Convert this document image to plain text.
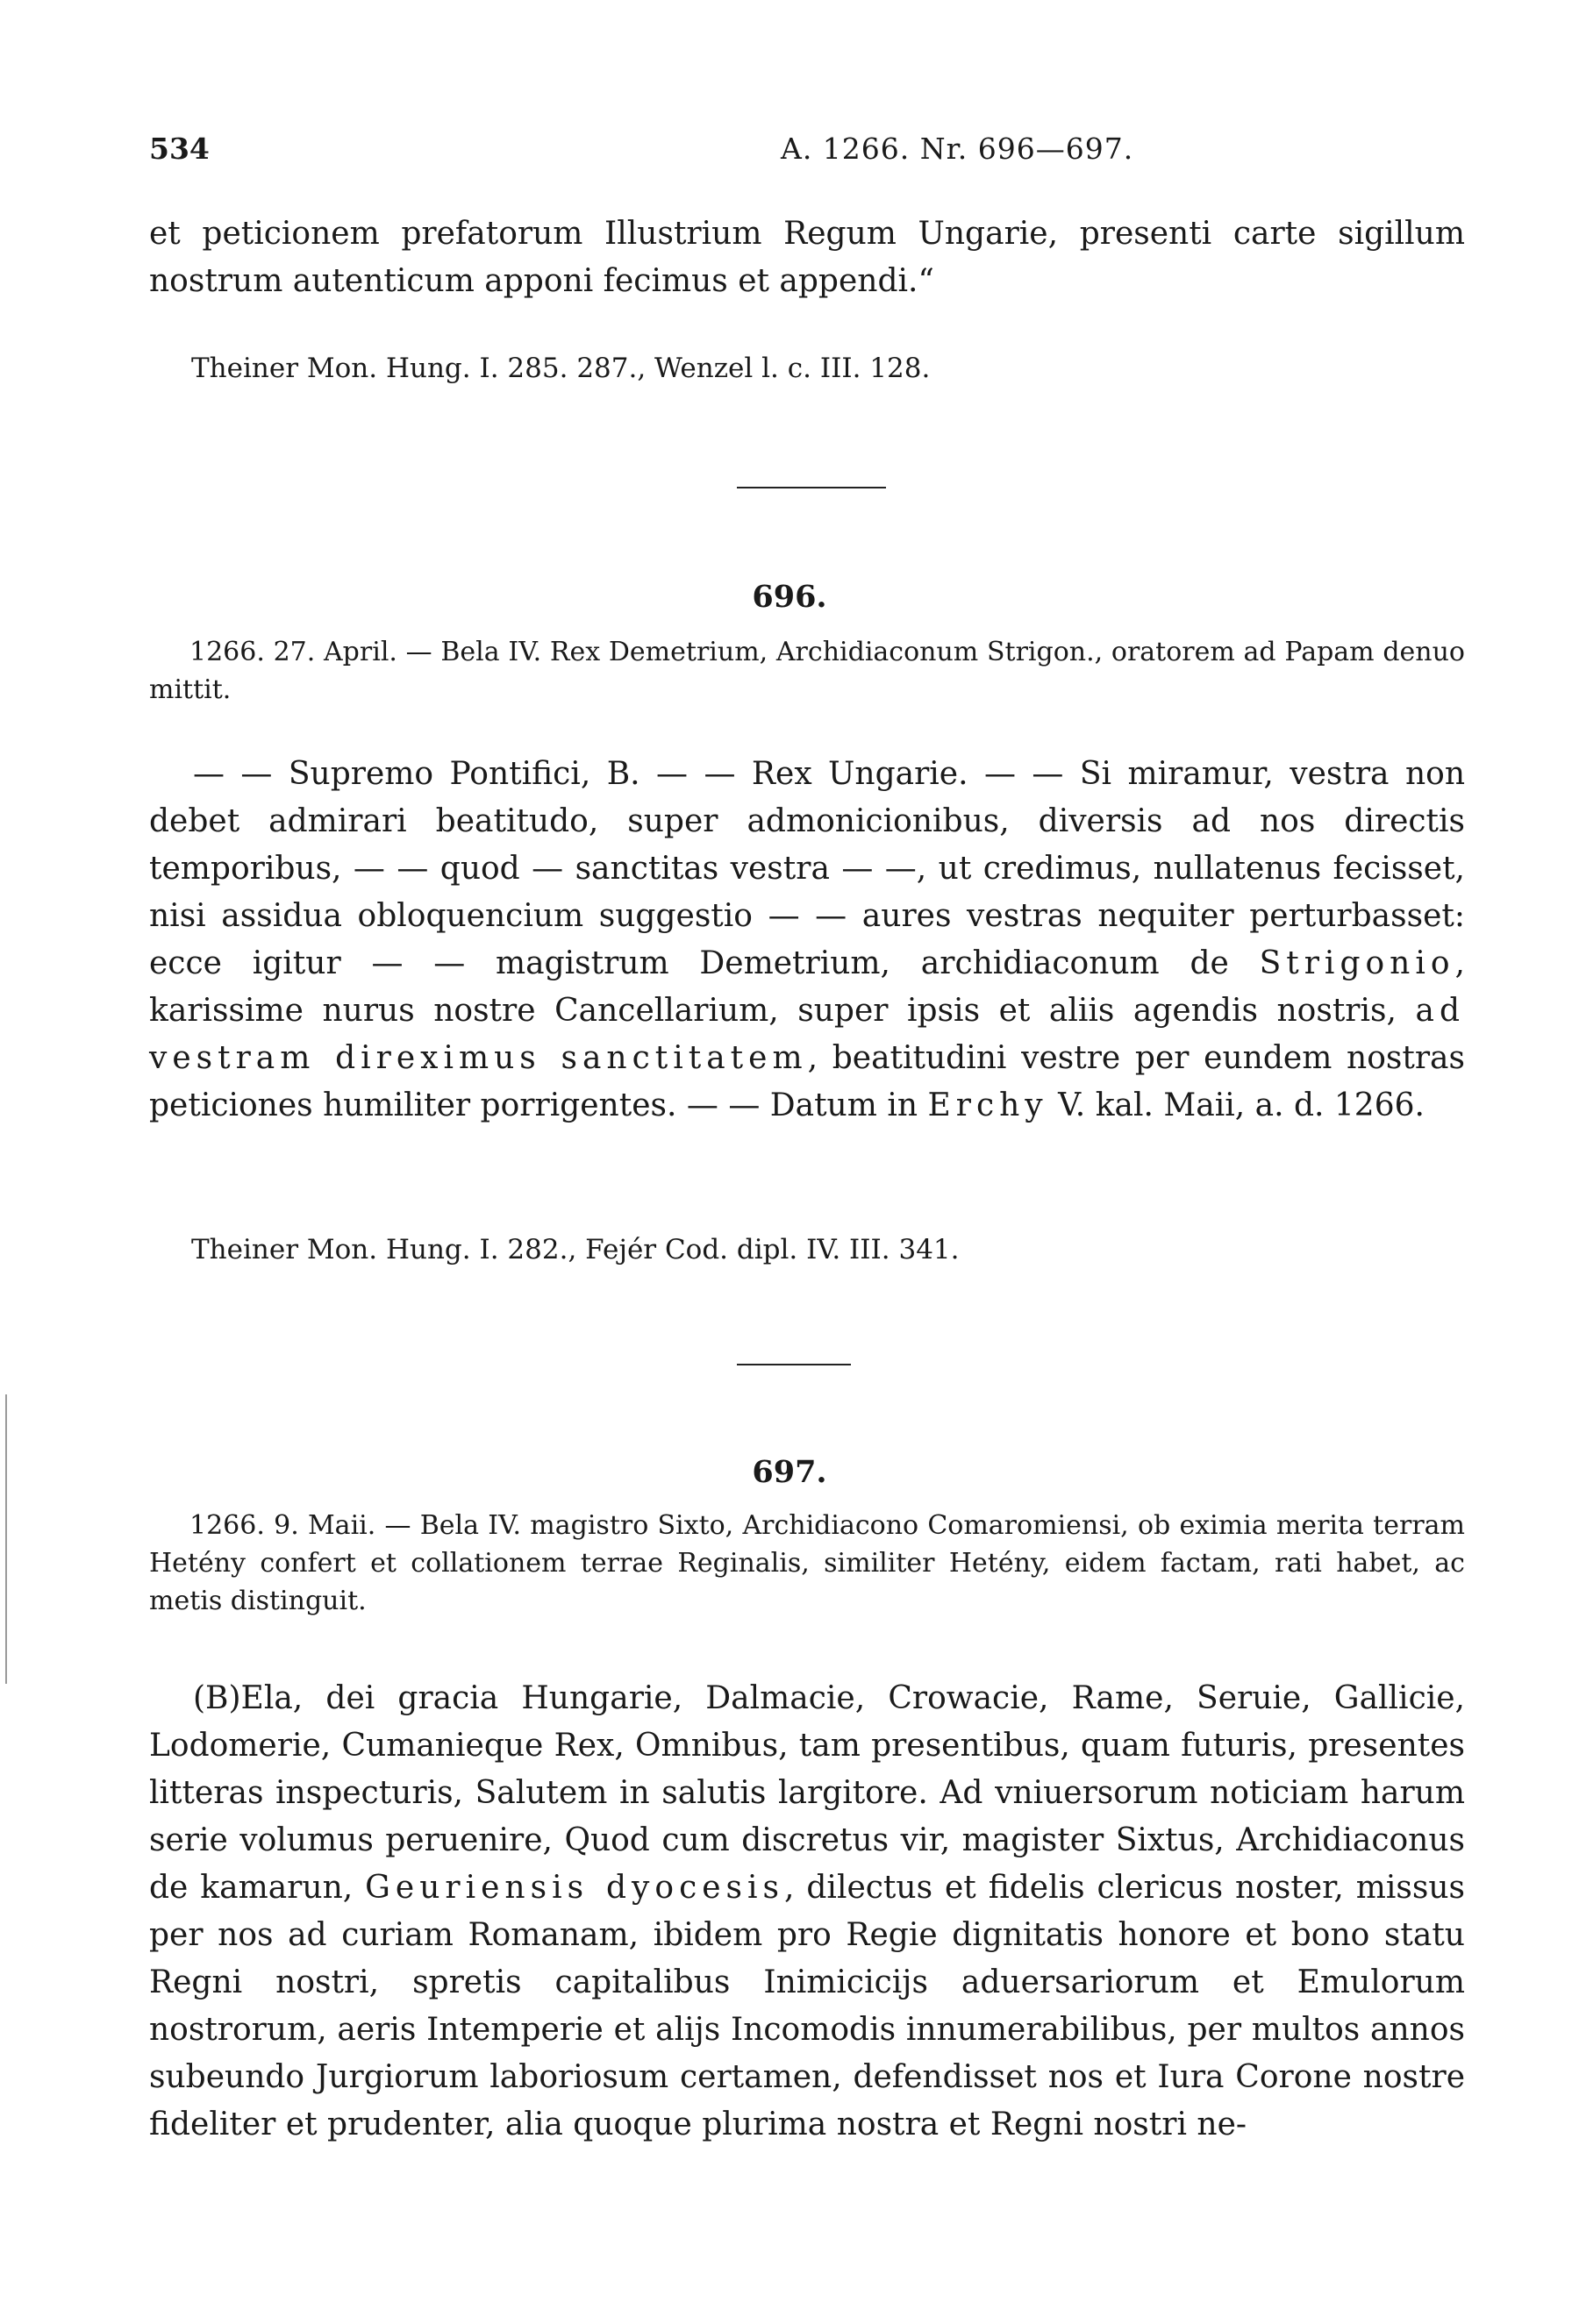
534	A. 1266. Nr. 696—697.

et peticionem prefatorum Illustrium Regum Ungarie, presenti carte sigillum nostrum autenticum apponi fecimus et appendi.“

Theiner Mon. Hung. I. 285. 287., Wenzel l. c. III. 128.
696.

1266. 27. April. — Bela IV. Rex Demetrium, Archidiaconum Strigon., oratorem ad Papam denuo mittit.

— — Supremo Pontifici, B. — — Rex Ungarie. — — Si miramur, vestra non debet admirari beatitudo, super admonicionibus, diversis ad nos directis temporibus, — — quod — sanctitas vestra — —, ut credimus, nullatenus fecisset, nisi assidua obloquencium suggestio — — aures vestras nequiter perturbasset: ecce igitur — — magistrum Demetrium, archidiaconum de Strigonio, karissime nurus nostre Cancellarium, super ipsis et aliis agendis nostris, ad vestram direximus sanctitatem, beatitudini vestre per eundem nostras peticiones humiliter porrigentes. — — Datum in Erchy V. kal. Maii, a. d. 1266.

Theiner Mon. Hung. I. 282., Fejér Cod. dipl. IV. III. 341.
697.

1266. 9. Maii. — Bela IV. magistro Sixto, Archidiacono Comaromiensi, ob eximia merita terram Hetény confert et collationem terrae Reginalis, similiter Hetény, eidem factam, rati habet, ac metis distinguit.

(B)Ela, dei gracia Hungarie, Dalmacie, Crowacie, Rame, Seruie, Gallicie, Lodomerie, Cumanieque Rex, Omnibus, tam presentibus, quam futuris, presentes litteras inspecturis, Salutem in salutis largitore. Ad vniuersorum noticiam harum serie volumus peruenire, Quod cum discretus vir, magister Sixtus, Archidiaconus de kamarun, Geuriensis dyocesis, dilectus et fidelis clericus noster, missus per nos ad curiam Romanam, ibidem pro Regie dignitatis honore et bono statu Regni nostri, spretis capitalibus Inimicicijs aduersariorum et Emulorum nostrorum, aeris Intemperie et alijs Incomodis innumerabilibus, per multos annos subeundo Jurgiorum laboriosum certamen, defendisset nos et Iura Corone nostre fideliter et prudenter, alia quoque plurima nostra et Regni nostri ne-
